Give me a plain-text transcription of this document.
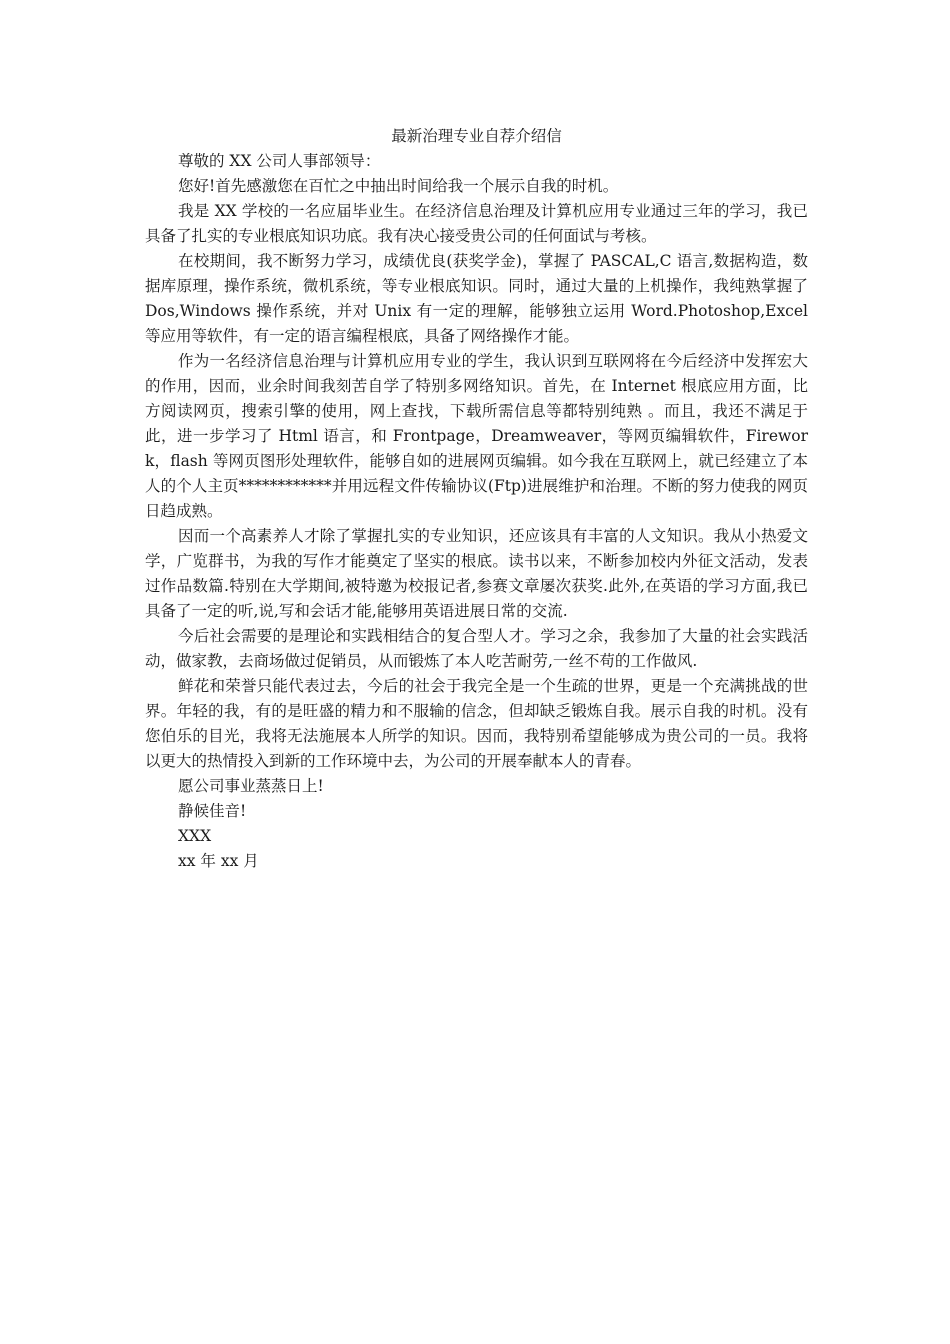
最新治理专业自荐介绍信

尊敬的 XX 公司人事部领导：

您好!首先感激您在百忙之中抽出时间给我一个展示自我的时机。

我是 XX 学校的一名应届毕业生。在经济信息治理及计算机应用专业通过三年的学习，我已具备了扎实的专业根底知识功底。我有决心接受贵公司的任何面试与考核。

在校期间，我不断努力学习，成绩优良(获奖学金)，掌握了 PASCAL,C 语言,数据构造，数据库原理，操作系统，微机系统，等专业根底知识。同时，通过大量的上机操作，我纯熟掌握了 Dos,Windows 操作系统，并对 Unix 有一定的理解，能够独立运用 Word.Photoshop,Excel 等应用等软件，有一定的语言编程根底，具备了网络操作才能。

作为一名经济信息治理与计算机应用专业的学生，我认识到互联网将在今后经济中发挥宏大的作用，因而，业余时间我刻苦自学了特别多网络知识。首先，在 Internet 根底应用方面，比方阅读网页，搜索引擎的使用，网上查找，下载所需信息等都特别纯熟 。而且，我还不满足于此，进一步学习了 Html 语言，和 Frontpage，Dreamweaver，等网页编辑软件，Firework，flash 等网页图形处理软件，能够自如的进展网页编辑。如今我在互联网上，就已经建立了本人的个人主页************并用远程文件传输协议(Ftp)进展维护和治理。不断的努力使我的网页日趋成熟。

因而一个高素养人才除了掌握扎实的专业知识，还应该具有丰富的人文知识。我从小热爱文学，广览群书，为我的写作才能奠定了坚实的根底。读书以来，不断参加校内外征文活动，发表过作品数篇.特别在大学期间,被特邀为校报记者,参赛文章屡次获奖.此外,在英语的学习方面,我已具备了一定的听,说,写和会话才能,能够用英语进展日常的交流.

今后社会需要的是理论和实践相结合的复合型人才。学习之余，我参加了大量的社会实践活动，做家教，去商场做过促销员，从而锻炼了本人吃苦耐劳,一丝不苟的工作做风.

鲜花和荣誉只能代表过去，今后的社会于我完全是一个生疏的世界，更是一个充满挑战的世界。年轻的我，有的是旺盛的精力和不服输的信念，但却缺乏锻炼自我。展示自我的时机。没有您伯乐的目光，我将无法施展本人所学的知识。因而，我特别希望能够成为贵公司的一员。我将以更大的热情投入到新的工作环境中去，为公司的开展奉献本人的青春。

愿公司事业蒸蒸日上!

静候佳音!

XXX

xx 年 xx 月
